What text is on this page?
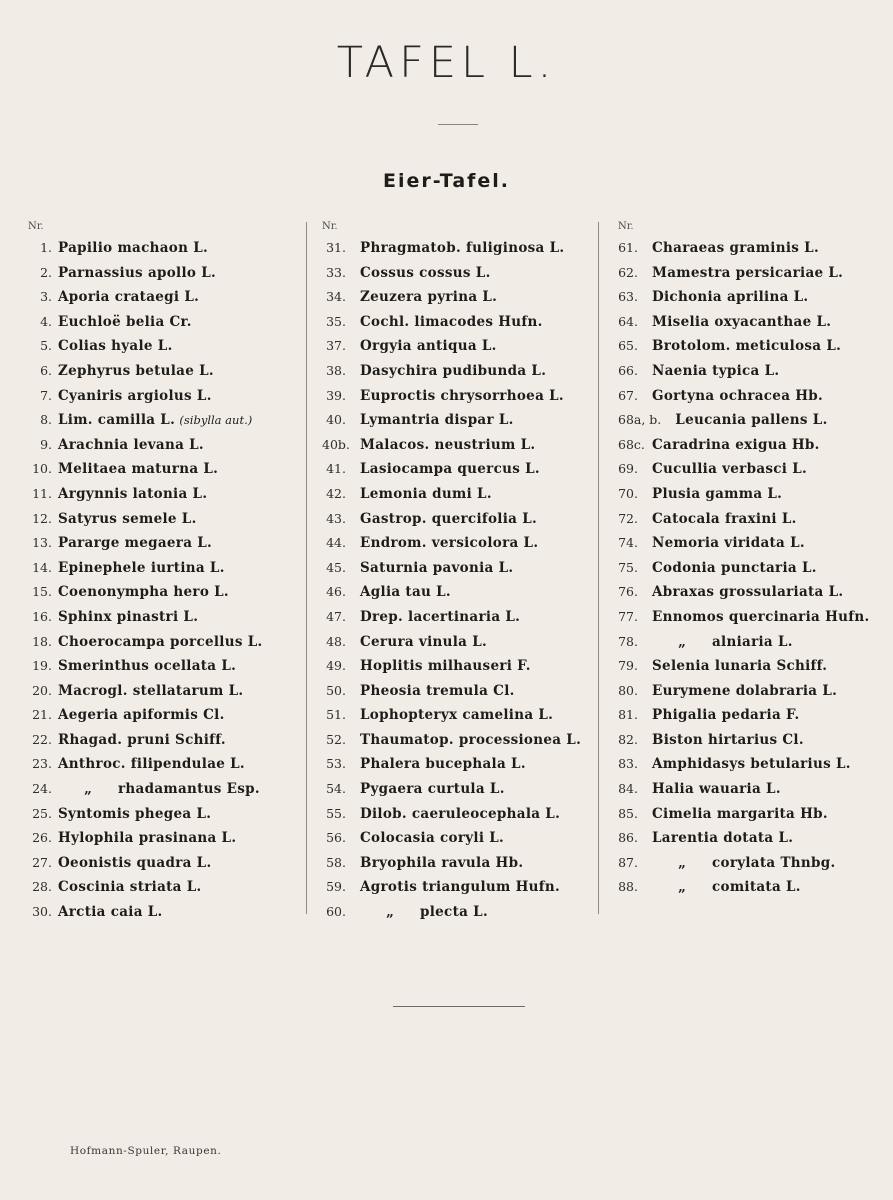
TAFEL L.
Eier-Tafel.
Nr.
1. Papilio machaon L.
2. Parnassius apollo L.
3. Aporia crataegi L.
4. Euchloë belia Cr.
5. Colias hyale L.
6. Zephyrus betulae L.
7. Cyaniris argiolus L.
8. Lim. camilla L. (sibylla aut.)
9. Arachnia levana L.
10. Melitaea maturna L.
11. Argynnis latonia L.
12. Satyrus semele L.
13. Pararge megaera L.
14. Epinephele iurtina L.
15. Coenonympha hero L.
16. Sphinx pinastri L.
18. Choerocampa porcellus L.
19. Smerinthus ocellata L.
20. Macrogl. stellatarum L.
21. Aegeria apiformis Cl.
22. Rhagad. pruni Schiff.
23. Anthroc. filipendulae L.
24. „ rhadamantus Esp.
25. Syntomis phegea L.
26. Hylophila prasinana L.
27. Oeonistis quadra L.
28. Coscinia striata L.
30. Arctia caia L.
Nr.
31. Phragmatob. fuliginosa L.
33. Cossus cossus L.
34. Zeuzera pyrina L.
35. Cochl. limacodes Hufn.
37. Orgyia antiqua L.
38. Dasychira pudibunda L.
39. Euproctis chrysorrhoea L.
40. Lymantria dispar L.
40b. Malacos. neustrium L.
41. Lasiocampa quercus L.
42. Lemonia dumi L.
43. Gastrop. quercifolia L.
44. Endrom. versicolora L.
45. Saturnia pavonia L.
46. Aglia tau L.
47. Drep. lacertinaria L.
48. Cerura vinula L.
49. Hoplitis milhauseri F.
50. Pheosia tremula Cl.
51. Lophopteryx camelina L.
52. Thaumatop. processionea L.
53. Phalera bucephala L.
54. Pygaera curtula L.
55. Dilob. caeruleocephala L.
56. Colocasia coryli L.
58. Bryophila ravula Hb.
59. Agrotis triangulum Hufn.
60.	„ plecta L.
Nr.
61. Charaeas graminis L.
62. Mamestra persicariae L.
63. Dichonia aprilina L.
64. Miselia oxyacanthae L.
65. Brotolom. meticulosa L.
66. Naenia typica L.
67. Gortyna ochracea Hb.
68a, b. Leucania pallens L.
68c. Caradrina exigua Hb.
69. Cucullia verbasci L.
70. Plusia gamma L.
72. Catocala fraxini L.
74. Nemoria viridata L.
75. Codonia punctaria L.
76. Abraxas grossulariata L.
77. Ennomos quercinaria Hufn.
78.	„ alniaria L.
79. Selenia lunaria Schiff.
80. Eurymene dolabraria L.
81. Phigalia pedaria F.
82. Biston hirtarius Cl.
83. Amphidasys betularius L.
84. Halia wauaria L.
85. Cimelia margarita Hb.
86. Larentia dotata L.
87.	„ corylata Thnbg.
88.	„ comitata L.
Hofmann-Spuler, Raupen.
